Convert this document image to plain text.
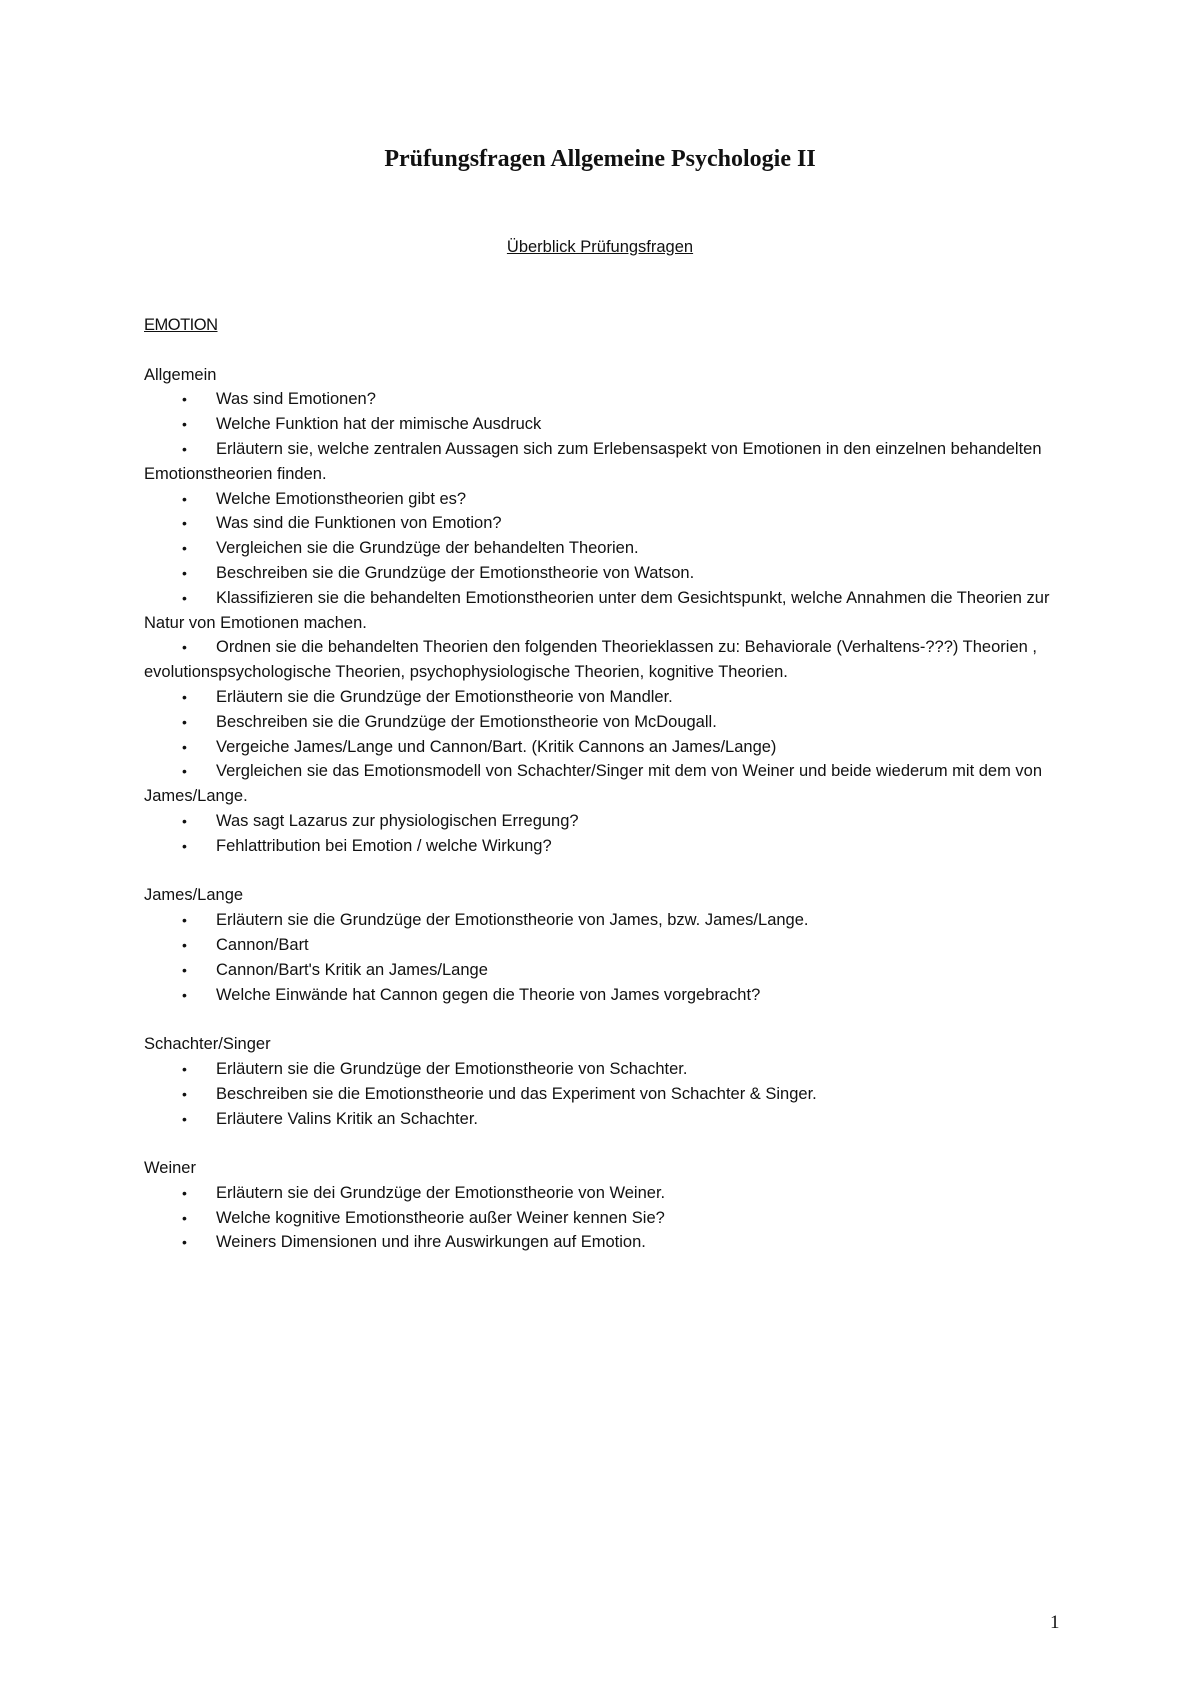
Prüfungsfragen Allgemeine Psychologie II
Überblick Prüfungsfragen
EMOTION
Allgemein
• Was sind Emotionen?
• Welche Funktion hat der mimische Ausdruck
• Erläutern sie, welche zentralen Aussagen sich zum Erlebensaspekt von Emotionen in den einzelnen behandelten Emotionstheorien finden.
• Welche Emotionstheorien gibt es?
• Was sind die Funktionen von Emotion?
• Vergleichen sie die Grundzüge der behandelten Theorien.
• Beschreiben sie die Grundzüge der Emotionstheorie von Watson.
• Klassifizieren sie die behandelten Emotionstheorien unter dem Gesichtspunkt, welche Annahmen die Theorien zur Natur von Emotionen machen.
• Ordnen sie die behandelten Theorien den folgenden Theorieklassen zu: Behaviorale (Verhaltens-???) Theorien , evolutionspsychologische Theorien, psychophysiologische Theorien, kognitive Theorien.
• Erläutern sie die Grundzüge der Emotionstheorie von Mandler.
• Beschreiben sie die Grundzüge der Emotionstheorie von McDougall.
• Vergeiche James/Lange und Cannon/Bart. (Kritik Cannons an James/Lange)
• Vergleichen sie das Emotionsmodell von Schachter/Singer mit dem von Weiner und beide wiederum mit dem von James/Lange.
• Was sagt Lazarus zur physiologischen Erregung?
• Fehlattribution bei Emotion / welche Wirkung?
James/Lange
• Erläutern sie die Grundzüge der Emotionstheorie von James, bzw. James/Lange.
• Cannon/Bart
• Cannon/Bart's Kritik an James/Lange
• Welche Einwände hat Cannon gegen die Theorie von James vorgebracht?
Schachter/Singer
• Erläutern sie die Grundzüge der Emotionstheorie von Schachter.
• Beschreiben sie die Emotionstheorie und das Experiment von Schachter & Singer.
• Erläutere Valins Kritik an Schachter.
Weiner
• Erläutern sie dei Grundzüge der Emotionstheorie von Weiner.
• Welche kognitive Emotionstheorie außer Weiner kennen Sie?
• Weiners Dimensionen und ihre Auswirkungen auf Emotion.
1
